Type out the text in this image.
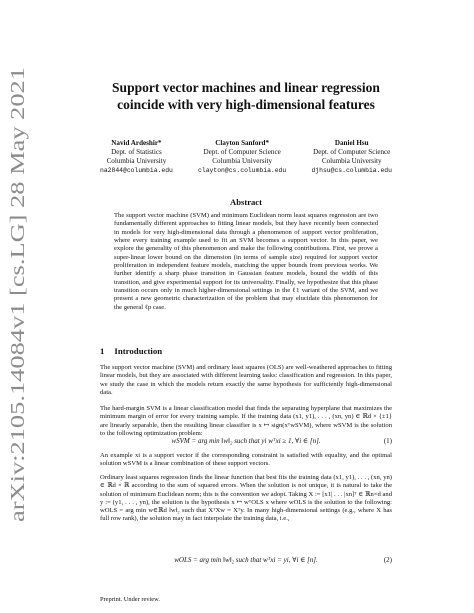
arXiv:2105.14084v1 [cs.LG] 28 May 2021
Support vector machines and linear regression
coincide with very high-dimensional features
Navid Ardeshir*
Dept. of Statistics
Columbia University
na2844@columbia.edu
Clayton Sanford*
Dept. of Computer Science
Columbia University
clayton@cs.columbia.edu
Daniel Hsu
Dept. of Computer Science
Columbia University
djhsu@cs.columbia.edu
Abstract
The support vector machine (SVM) and minimum Euclidean norm least squares regression are two fundamentally different approaches to fitting linear models, but they have recently been connected in models for very high-dimensional data through a phenomenon of support vector proliferation, where every training example used to fit an SVM becomes a support vector. In this paper, we explore the generality of this phenomenon and make the following contributions. First, we prove a super-linear lower bound on the dimension (in terms of sample size) required for support vector proliferation in independent feature models, matching the upper bounds from previous works. We further identify a sharp phase transition in Gaussian feature models, bound the width of this transition, and give experimental support for its universality. Finally, we hypothesize that this phase transition occurs only in much higher-dimensional settings in the ℓ1 variant of the SVM, and we present a new geometric characterization of the problem that may elucidate this phenomenon for the general ℓp case.
1 Introduction
The support vector machine (SVM) and ordinary least squares (OLS) are well-weathered approaches to fitting linear models, but they are associated with different learning tasks: classification and regression. In this paper, we study the case in which the models return exactly the same hypothesis for sufficiently high-dimensional data.
The hard-margin SVM is a linear classification model that finds the separating hyperplane that maximizes the minimum margin of error for every training sample. If the training data (x1, y1), . . . , (xn, yn) ∈ ℝd × {±1} are linearly separable, then the resulting linear classifier is x ↦ sign(xᵀwSVM), where wSVM is the solution to the following optimization problem:
wSVM = arg min ‖w‖₂ such that yi wᵀxi ≥ 1, ∀i ∈ [n].	(1)
An example xi is a support vector if the corresponding constraint is satisfied with equality, and the optimal solution wSVM is a linear combination of these support vectors.
Ordinary least squares regression finds the linear function that best fits the training data (x1, y1), . . . , (xn, yn) ∈ ℝd × ℝ according to the sum of squared errors. When the solution is not unique, it is natural to take the solution of minimum Euclidean norm; this is the convention we adopt. Taking X := [x1| . . . |xn]ᵀ ∈ ℝn×d and y := (y1, . . . , yn), the solution is the hypothesis x ↦ wᵀOLS x where wOLS is the solution to the following: wOLS = arg min w∈ℝd ‖w‖₂ such that XᵀXw = Xᵀy. In many high-dimensional settings (e.g., where X has full row rank), the solution may in fact interpolate the training data, i.e.,
wOLS = arg min ‖w‖₂ such that wᵀxi = yi, ∀i ∈ [n].	(2)
Preprint. Under review.
